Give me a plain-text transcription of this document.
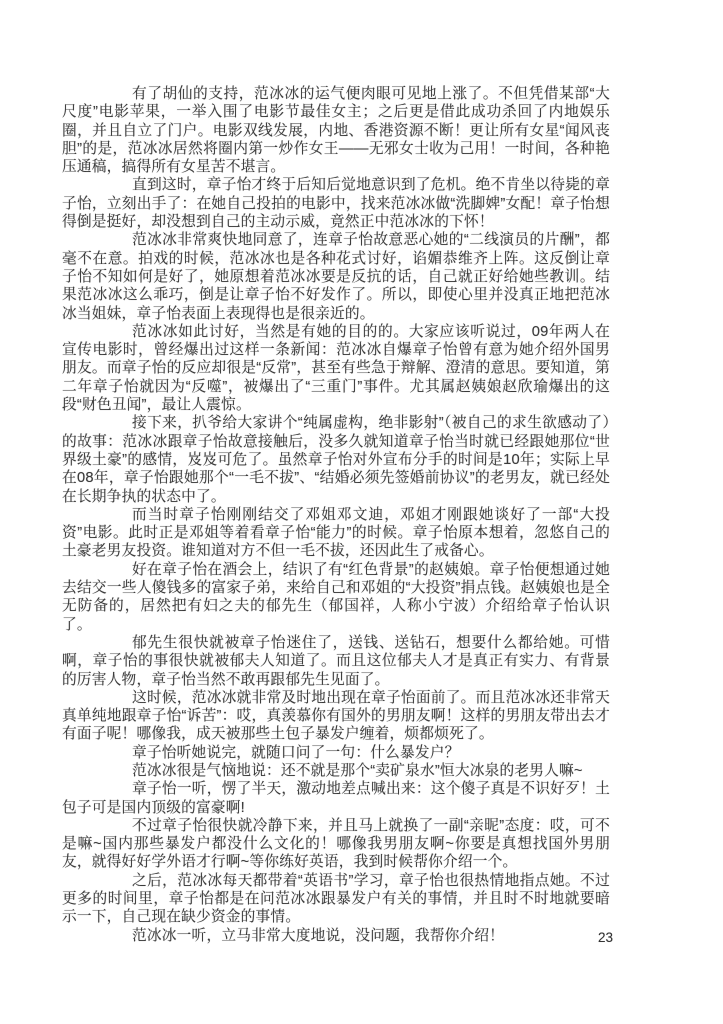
有了胡仙的支持，范冰冰的运气便肉眼可见地上涨了。不但凭借某部“大尺度”电影苹果，一举入围了电影节最佳女主；之后更是借此成功杀回了内地娱乐圈，并且自立了门户。电影双线发展，内地、香港资源不断！更让所有女星“闻风丧胆”的是，范冰冰居然将圈内第一炒作女王——无邪女士收为己用！一时间，各种艳压通稿，搞得所有女星苦不堪言。

直到这时，章子怡才终于后知后觉地意识到了危机。绝不肯坐以待毙的章子怡，立刻出手了：在她自己投拍的电影中，找来范冰冰做“洗脚婢”女配！章子怡想得倒是挺好，却没想到自己的主动示威，竟然正中范冰冰的下怀！

范冰冰非常爽快地同意了，连章子怡故意恶心她的“二线演员的片酬”，都毫不在意。拍戏的时候，范冰冰也是各种花式讨好，谄媚恭维齐上阵。这反倒让章子怡不知如何是好了，她原想着范冰冰要是反抗的话，自己就正好给她些教训。结果范冰冰这么乖巧，倒是让章子怡不好发作了。所以，即使心里并没真正地把范冰冰当姐妹，章子怡表面上表现得也是很亲近的。

范冰冰如此讨好，当然是有她的目的的。大家应该听说过，09年两人在宣传电影时，曾经爆出过这样一条新闻：范冰冰自爆章子怡曾有意为她介绍外国男朋友。而章子怡的反应却很是“反常”，甚至有些急于辩解、澄清的意思。要知道，第二年章子怡就因为“反噬”，被爆出了“三重门”事件。尤其属赵姨娘赵欣瑜爆出的这段“财色丑闻”，最让人震惊。

接下来，扒爷给大家讲个“纯属虚构，绝非影射”（被自己的求生欲感动了）的故事：范冰冰跟章子怡故意接触后，没多久就知道章子怡当时就已经跟她那位“世界级土豪”的感情，岌岌可危了。虽然章子怡对外宣布分手的时间是10年；实际上早在08年，章子怡跟她那个“一毛不拔”、“结婚必须先签婚前协议”的老男友，就已经处在长期争执的状态中了。

而当时章子怡刚刚结交了邓姐邓文迪，邓姐才刚跟她谈好了一部“大投资”电影。此时正是邓姐等着看章子怡“能力”的时候。章子怡原本想着，忽悠自己的土豪老男友投资。谁知道对方不但一毛不拔，还因此生了戒备心。

好在章子怡在酒会上，结识了有“红色背景”的赵姨娘。章子怡便想通过她去结交一些人傻钱多的富家子弟，来给自己和邓姐的“大投资”捐点钱。赵姨娘也是全无防备的，居然把有妇之夫的郁先生（郁国祥，人称小宁波）介绍给章子怡认识了。

郁先生很快就被章子怡迷住了，送钱、送钻石，想要什么都给她。可惜啊，章子怡的事很快就被郁夫人知道了。而且这位郁夫人才是真正有实力、有背景的厉害人物，章子怡当然不敢再跟郁先生见面了。

这时候，范冰冰就非常及时地出现在章子怡面前了。而且范冰冰还非常天真单纯地跟章子怡“诉苦”：哎，真羡慕你有国外的男朋友啊！这样的男朋友带出去才有面子呢！哪像我，成天被那些土包子暴发户缠着，烦都烦死了。

章子怡听她说完，就随口问了一句：什么暴发户？

范冰冰很是气恼地说：还不就是那个“卖矿泉水”恒大冰泉的老男人嘛~

章子怡一听，愣了半天，激动地差点喊出来：这个傻子真是不识好歹！土包子可是国内顶级的富豪啊!

不过章子怡很快就冷静下来，并且马上就换了一副“亲昵”态度：哎，可不是嘛~国内那些暴发户都没什么文化的！哪像我男朋友啊~你要是真想找国外男朋友，就得好好学外语才行啊~等你练好英语，我到时候帮你介绍一个。

之后，范冰冰每天都带着“英语书”学习，章子怡也很热情地指点她。不过更多的时间里，章子怡都是在问范冰冰跟暴发户有关的事情，并且时不时地就要暗示一下，自己现在缺少资金的事情。

范冰冰一听，立马非常大度地说，没问题，我帮你介绍！	23
